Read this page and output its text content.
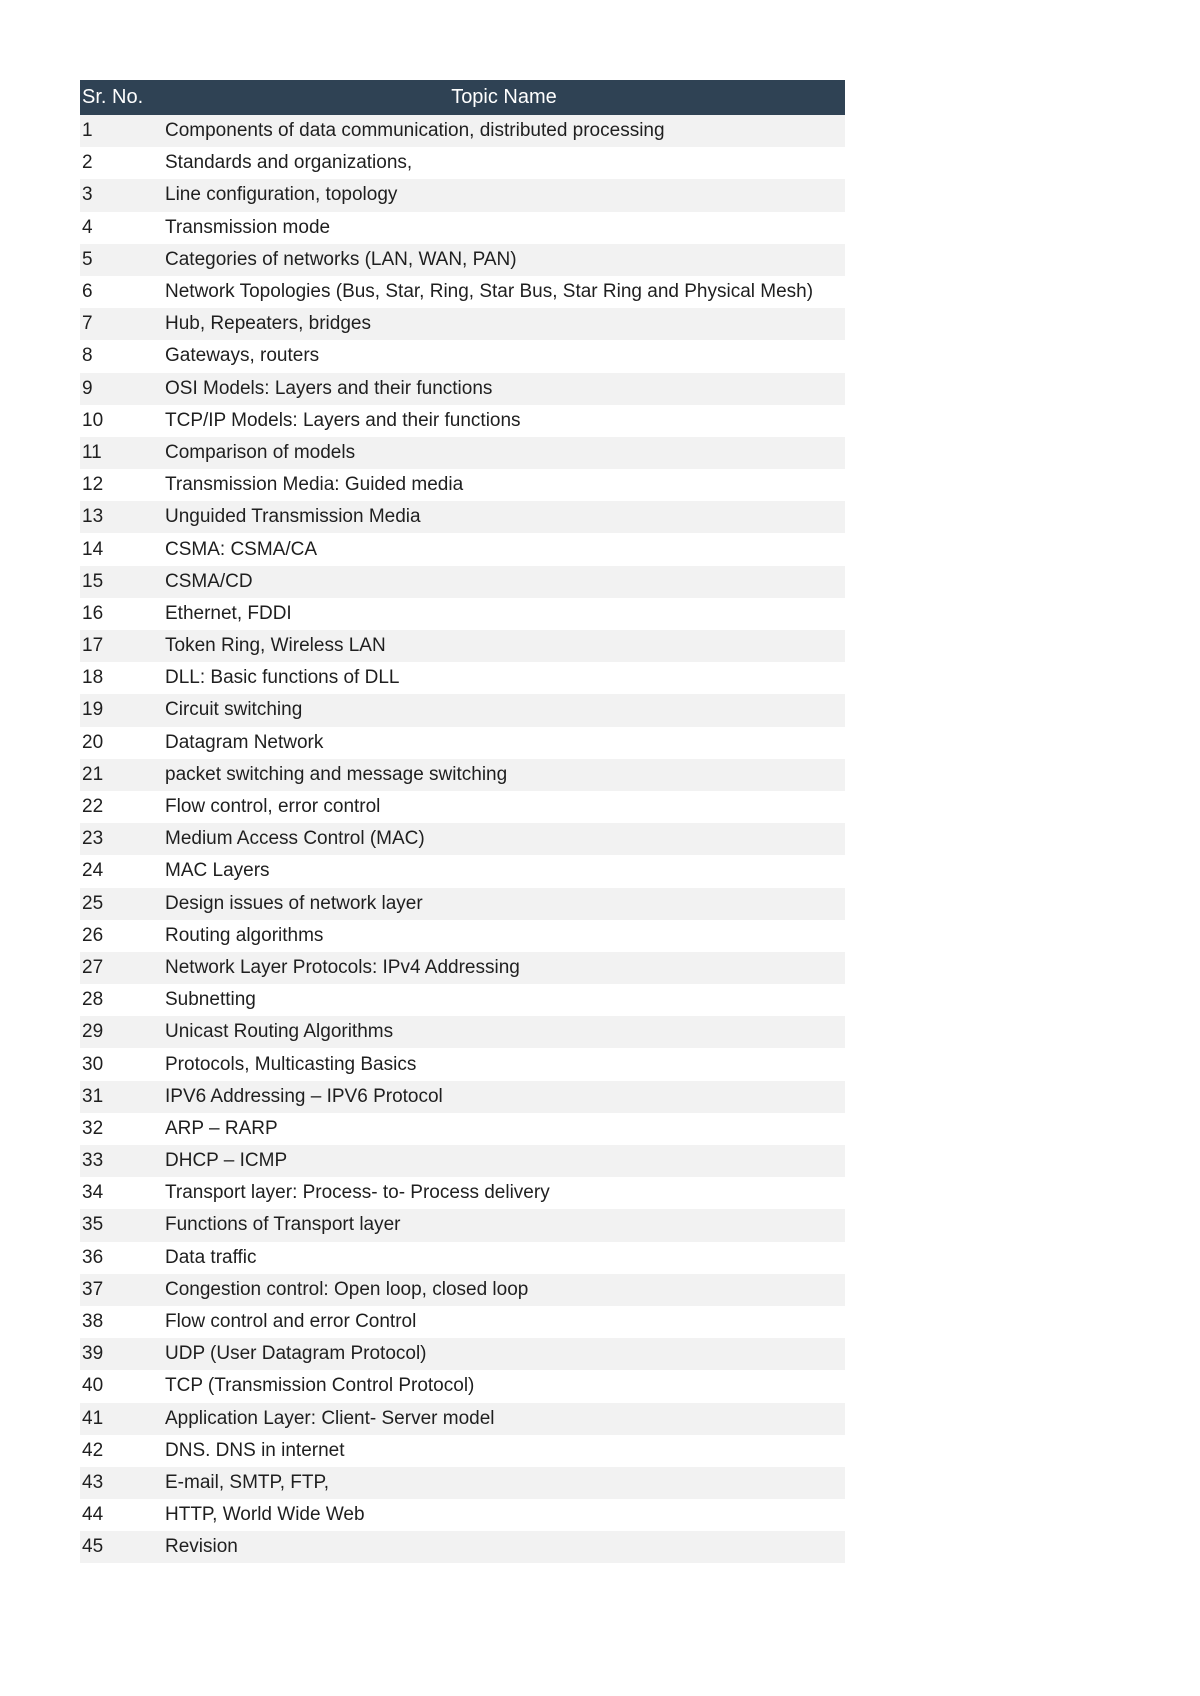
Sr. No.	Topic Name
1	Components of data communication, distributed processing
2	Standards and organizations,
3	Line configuration, topology
4	Transmission mode
5	Categories of networks (LAN, WAN, PAN)
6	Network Topologies (Bus, Star, Ring, Star Bus, Star Ring and Physical Mesh)
7	Hub, Repeaters, bridges
8	Gateways, routers
9	OSI Models: Layers and their functions
10	TCP/IP Models: Layers and their functions
11	Comparison of models
12	Transmission Media: Guided media
13	Unguided Transmission Media
14	CSMA: CSMA/CA
15	CSMA/CD
16	Ethernet, FDDI
17	Token Ring, Wireless LAN
18	DLL: Basic functions of DLL
19	Circuit switching
20	Datagram Network
21	packet switching and message switching
22	Flow control, error control
23	Medium Access Control (MAC)
24	MAC Layers
25	Design issues of network layer
26	Routing algorithms
27	Network Layer Protocols: IPv4 Addressing
28	Subnetting
29	Unicast Routing Algorithms
30	Protocols, Multicasting Basics
31	IPV6 Addressing – IPV6 Protocol
32	ARP – RARP
33	DHCP – ICMP
34	Transport layer: Process- to- Process delivery
35	Functions of Transport layer
36	Data traffic
37	Congestion control: Open loop, closed loop
38	Flow control and error Control
39	UDP (User Datagram Protocol)
40	TCP (Transmission Control Protocol)
41	Application Layer: Client- Server model
42	DNS. DNS in internet
43	E-mail, SMTP, FTP,
44	HTTP, World Wide Web
45	Revision
